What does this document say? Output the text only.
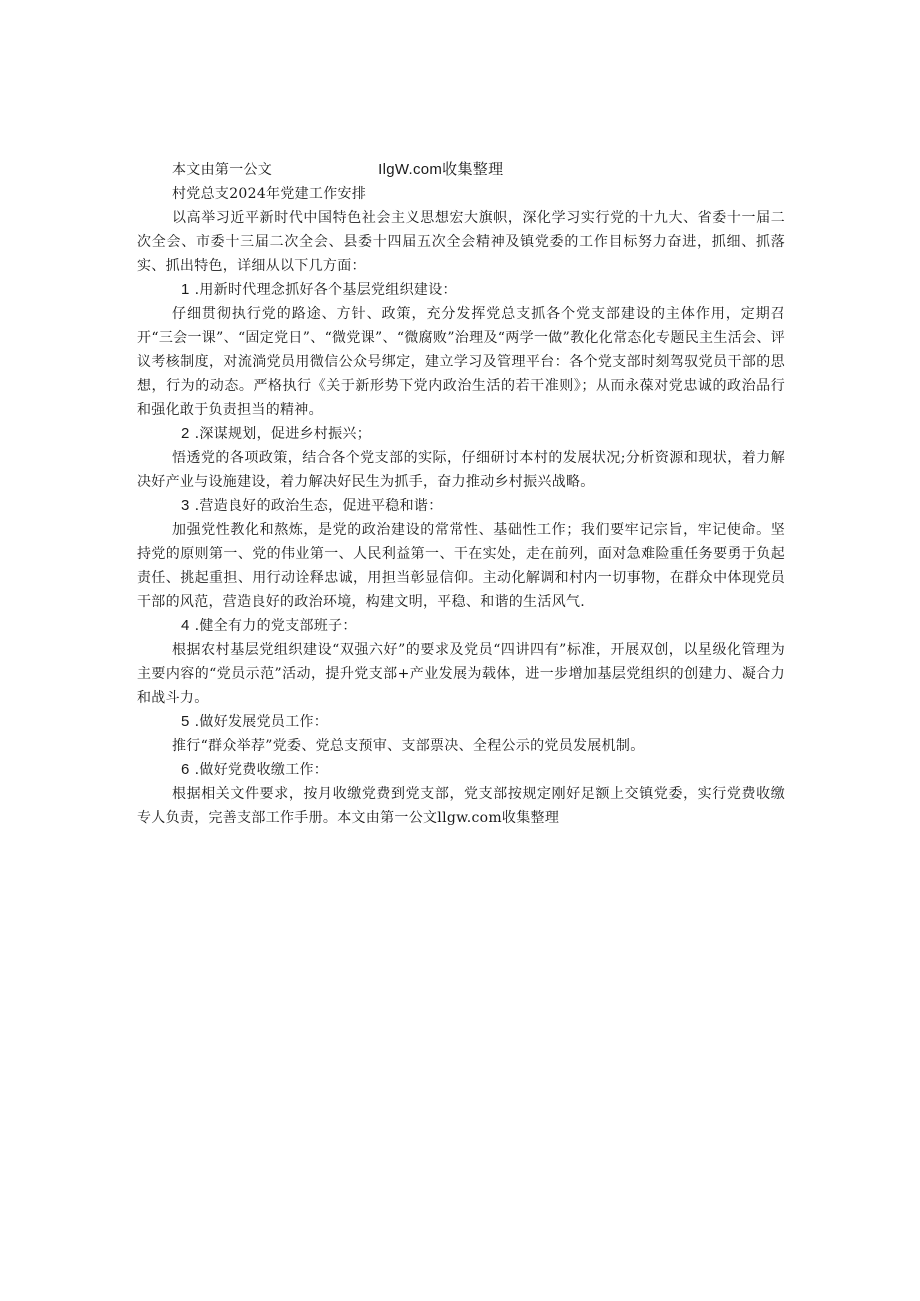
本文由第一公文	IlgW.com收集整理

村党总支2024年党建工作安排

以高举习近平新时代中国特色社会主义思想宏大旗帜，深化学习实行党的十九大、省委十一届二次全会、市委十三届二次全会、县委十四届五次全会精神及镇党委的工作目标努力奋进，抓细、抓落实、抓出特色，详细从以下几方面：

1 .用新时代理念抓好各个基层党组织建设：

仔细贯彻执行党的路途、方针、政策，充分发挥党总支抓各个党支部建设的主体作用，定期召开“三会一课”、“固定党日”、“微党课”、“微腐败”治理及“两学一做”教化化常态化专题民主生活会、评议考核制度，对流淌党员用微信公众号绑定，建立学习及管理平台：各个党支部时刻驾驭党员干部的思想，行为的动态。严格执行《关于新形势下党内政治生活的若干准则》；从而永葆对党忠诚的政治品行和强化敢于负责担当的精神。

2 .深谋规划，促进乡村振兴；

悟透党的各项政策，结合各个党支部的实际，仔细研讨本村的发展状况;分析资源和现状，着力解决好产业与设施建设，着力解决好民生为抓手，奋力推动乡村振兴战略。

3 .营造良好的政治生态，促进平稳和谐：

加强党性教化和熬炼，是党的政治建设的常常性、基础性工作；我们要牢记宗旨，牢记使命。坚持党的原则第一、党的伟业第一、人民利益第一、干在实处，走在前列，面对急难险重任务要勇于负起责任、挑起重担、用行动诠释忠诚，用担当彰显信仰。主动化解调和村内一切事物，在群众中体现党员干部的风范，营造良好的政治环境，构建文明，平稳、和谐的生活风气.

4 .健全有力的党支部班子：

根据农村基层党组织建设“双强六好”的要求及党员“四讲四有”标准，开展双创，以星级化管理为主要内容的“党员示范”活动，提升党支部+产业发展为载体，进一步增加基层党组织的创建力、凝合力和战斗力。

5 .做好发展党员工作：

推行“群众举荐”党委、党总支预审、支部票决、全程公示的党员发展机制。

6 .做好党费收缴工作：

根据相关文件要求，按月收缴党费到党支部，党支部按规定刚好足额上交镇党委，实行党费收缴专人负责，完善支部工作手册。本文由第一公文llgw.com收集整理
